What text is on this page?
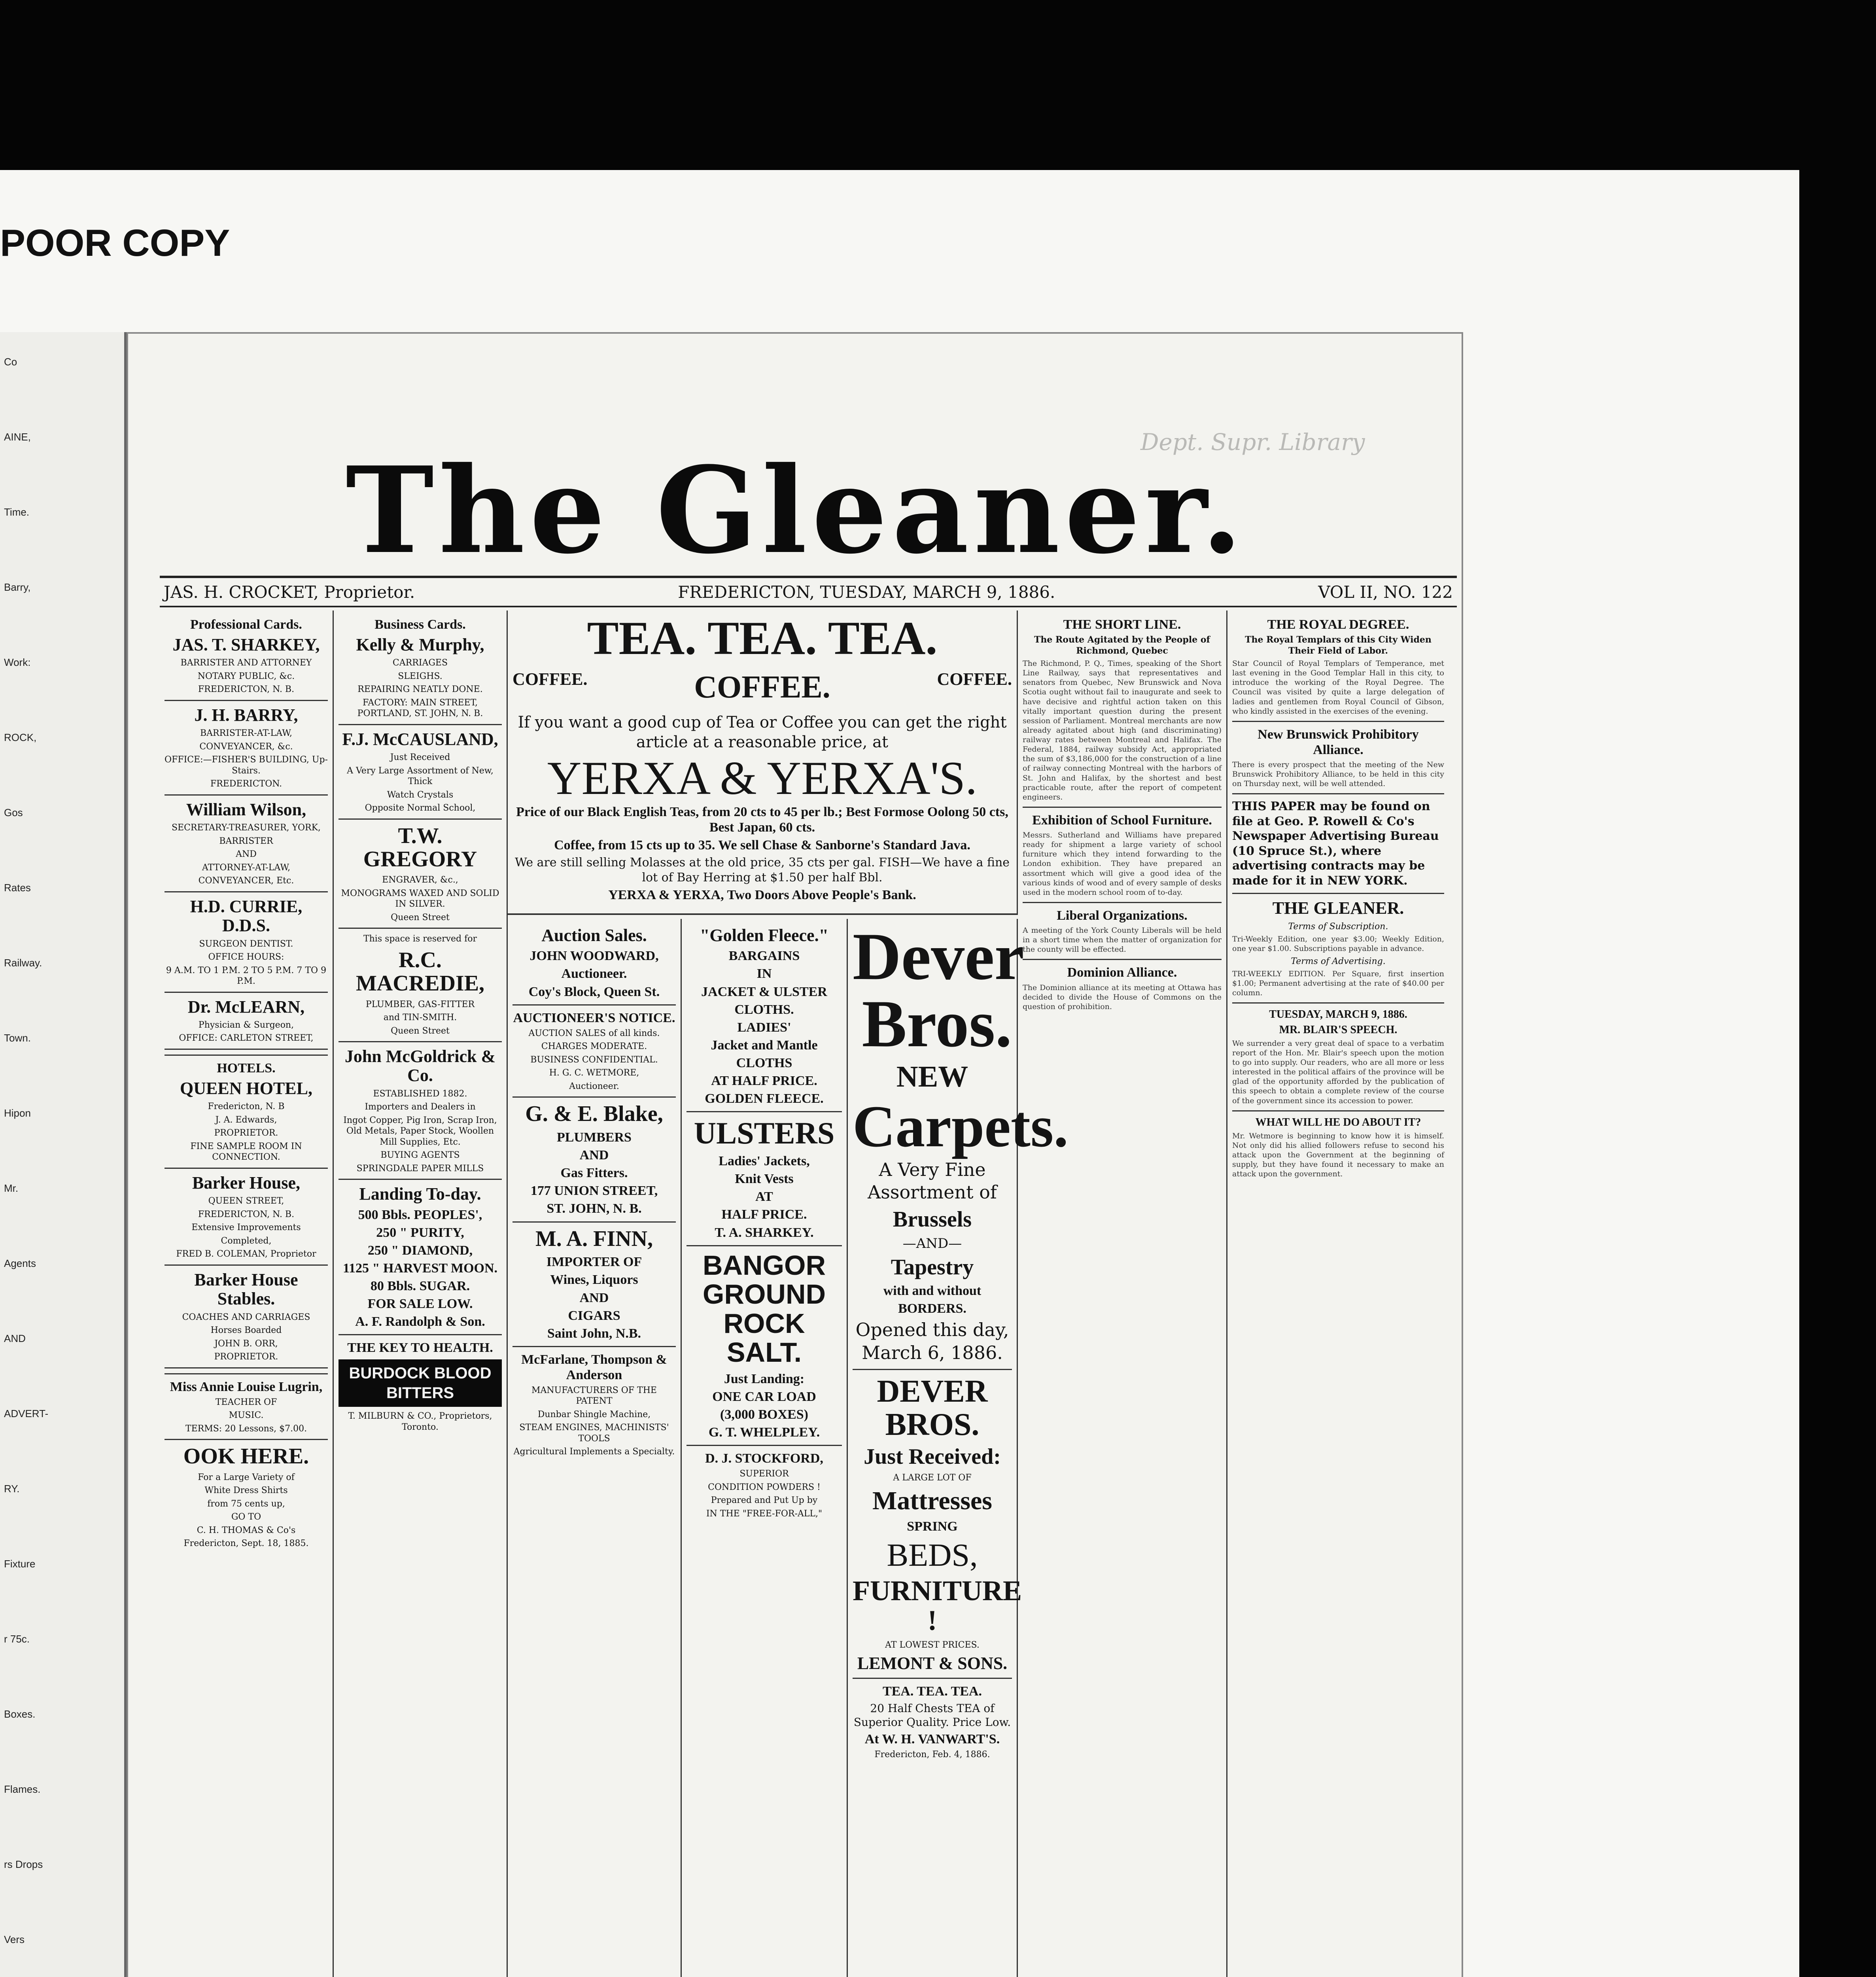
POOR COPY
Co
AINE,
Time.
Barry,
Work:
ROCK,
Gos
Rates
Railway.
Town.
Hipon
Mr.
Agents
AND
ADVERT-
RY.
Fixture
r 75c.
Boxes.
Flames.
rs Drops
Vers
Dept. Supr. Library
The Gleaner.
JAS. H. CROCKET, Proprietor.	FREDERICTON, TUESDAY, MARCH 9, 1886.	VOL II, NO. 122
Professional Cards.
JAS. T. SHARKEY,

BARRISTER AND ATTORNEY

NOTARY PUBLIC, &c.

FREDERICTON, N. B.

J. H. BARRY,

BARRISTER-AT-LAW,

CONVEYANCER, &c.

OFFICE:—FISHER'S BUILDING, Up-Stairs.

FREDERICTON.

William Wilson,

SECRETARY-TREASURER, YORK,

BARRISTER

AND

ATTORNEY-AT-LAW,

CONVEYANCER, Etc.

H.D. CURRIE, D.D.S.

SURGEON DENTIST.

OFFICE HOURS:

9 A.M. TO 1 P.M. 2 TO 5 P.M. 7 TO 9 P.M.

Dr. McLEARN,

Physician & Surgeon,

OFFICE: CARLETON STREET,

HOTELS.
QUEEN HOTEL,

Fredericton, N. B

J. A. Edwards,

PROPRIETOR.

FINE SAMPLE ROOM IN CONNECTION.

Barker House,

QUEEN STREET,

FREDERICTON, N. B.

Extensive Improvements

Completed,

FRED B. COLEMAN, Proprietor

Barker House Stables.

COACHES AND CARRIAGES

Horses Boarded

JOHN B. ORR,

PROPRIETOR.

Miss Annie Louise Lugrin,

TEACHER OF

MUSIC.

TERMS: 20 Lessons, $7.00.

OOK HERE.

For a Large Variety of

White Dress Shirts

from 75 cents up,

GO TO

C. H. THOMAS & Co's

Fredericton, Sept. 18, 1885.

Business Cards.
Kelly & Murphy,

CARRIAGES

SLEIGHS.

REPAIRING NEATLY DONE.

FACTORY: MAIN STREET, PORTLAND, ST. JOHN, N. B.

F.J. McCAUSLAND,

Just Received

A Very Large Assortment of New, Thick

Watch Crystals

Opposite Normal School,

T.W. GREGORY

ENGRAVER, &c.,

MONOGRAMS WAXED AND SOLID IN SILVER.

Queen Street

This space is reserved for

R.C. MACREDIE,

PLUMBER, GAS-FITTER

and TIN-SMITH.

Queen Street

John McGoldrick & Co.

ESTABLISHED 1882.

Importers and Dealers in

Ingot Copper, Pig Iron, Scrap Iron, Old Metals, Paper Stock, Woollen Mill Supplies, Etc.

BUYING AGENTS

SPRINGDALE PAPER MILLS

Landing To-day.

500 Bbls. PEOPLES',

250 " PURITY,

250 " DIAMOND,

1125 " HARVEST MOON.

80 Bbls. SUGAR.

FOR SALE LOW.

A. F. Randolph & Son.

THE KEY TO HEALTH.
BURDOCK BLOOD BITTERS

T. MILBURN & CO., Proprietors, Toronto.

TEA. TEA. TEA.
COFFEE.	COFFEE.	COFFEE.

If you want a good cup of Tea or Coffee you can get the right article at a reasonable price, at

YERXA & YERXA'S.

Price of our Black English Teas, from 20 cts to 45 per lb.; Best Formose Oolong 50 cts, Best Japan, 60 cts.

Coffee, from 15 cts up to 35. We sell Chase & Sanborne's Standard Java.

We are still selling Molasses at the old price, 35 cts per gal. FISH—We have a fine lot of Bay Herring at $1.50 per half Bbl.

YERXA & YERXA, Two Doors Above People's Bank.

Auction Sales.

JOHN WOODWARD,

Auctioneer.

Coy's Block, Queen St.

AUCTIONEER'S NOTICE.

AUCTION SALES of all kinds.

CHARGES MODERATE.

BUSINESS CONFIDENTIAL.

H. G. C. WETMORE,

Auctioneer.

G. & E. Blake,

PLUMBERS

AND

Gas Fitters.

177 UNION STREET,

ST. JOHN, N. B.

M. A. FINN,

IMPORTER OF

Wines, Liquors

AND

CIGARS

Saint John, N.B.

McFarlane, Thompson & Anderson

MANUFACTURERS OF THE PATENT

Dunbar Shingle Machine,

STEAM ENGINES, MACHINISTS' TOOLS

Agricultural Implements a Specialty.

"Golden Fleece."

BARGAINS

IN

JACKET & ULSTER

CLOTHS.

LADIES'

Jacket and Mantle

CLOTHS

AT HALF PRICE.

GOLDEN FLEECE.

ULSTERS

Ladies' Jackets,

Knit Vests

AT

HALF PRICE.

T. A. SHARKEY.

BANGOR GROUND ROCK SALT.

Just Landing:

ONE CAR LOAD

(3,000 BOXES)

G. T. WHELPLEY.

D. J. STOCKFORD,

SUPERIOR

CONDITION POWDERS !

Prepared and Put Up by

IN THE "FREE-FOR-ALL,"

Dever
Bros.
NEW
Carpets.

A Very Fine Assortment of

Brussels

—AND—

Tapestry

with and without

BORDERS.

Opened this day, March 6, 1886.

DEVER BROS.
Just Received:

A LARGE LOT OF

Mattresses

SPRING

BEDS,
FURNITURE !

AT LOWEST PRICES.

LEMONT & SONS.

TEA. TEA. TEA.

20 Half Chests TEA of Superior Quality. Price Low.

At W. H. VANWART'S.

Fredericton, Feb. 4, 1886.

THE SHORT LINE.

The Route Agitated by the People of Richmond, Quebec

The Richmond, P. Q., Times, speaking of the Short Line Railway, says that representatives and senators from Quebec, New Brunswick and Nova Scotia ought without fail to inaugurate and seek to have decisive and rightful action taken on this vitally important question during the present session of Parliament. Montreal merchants are now already agitated about high (and discriminating) railway rates between Montreal and Halifax. The Federal, 1884, railway subsidy Act, appropriated the sum of $3,186,000 for the construction of a line of railway connecting Montreal with the harbors of St. John and Halifax, by the shortest and best practicable route, after the report of competent engineers.

Exhibition of School Furniture.

Messrs. Sutherland and Williams have prepared ready for shipment a large variety of school furniture which they intend forwarding to the London exhibition. They have prepared an assortment which will give a good idea of the various kinds of wood and of every sample of desks used in the modern school room of to-day.

Liberal Organizations.

A meeting of the York County Liberals will be held in a short time when the matter of organization for the county will be effected.

Dominion Alliance.

The Dominion alliance at its meeting at Ottawa has decided to divide the House of Commons on the question of prohibition.

THE ROYAL DEGREE.

The Royal Templars of this City Widen Their Field of Labor.

Star Council of Royal Templars of Temperance, met last evening in the Good Templar Hall in this city, to introduce the working of the Royal Degree. The Council was visited by quite a large delegation of ladies and gentlemen from Royal Council of Gibson, who kindly assisted in the exercises of the evening.

New Brunswick Prohibitory Alliance.

There is every prospect that the meeting of the New Brunswick Prohibitory Alliance, to be held in this city on Thursday next, will be well attended.

THIS PAPER may be found on file at Geo. P. Rowell & Co's Newspaper Advertising Bureau (10 Spruce St.), where advertising contracts may be made for it in NEW YORK.

THE GLEANER.

Terms of Subscription.

Tri-Weekly Edition, one year $3.00; Weekly Edition, one year $1.00. Subscriptions payable in advance.

Terms of Advertising.

TRI-WEEKLY EDITION. Per Square, first insertion $1.00; Permanent advertising at the rate of $40.00 per column.

TUESDAY, MARCH 9, 1886.

MR. BLAIR'S SPEECH.

We surrender a very great deal of space to a verbatim report of the Hon. Mr. Blair's speech upon the motion to go into supply. Our readers, who are all more or less interested in the political affairs of the province will be glad of the opportunity afforded by the publication of this speech to obtain a complete review of the course of the government since its accession to power.

WHAT WILL HE DO ABOUT IT?

Mr. Wetmore is beginning to know how it is himself. Not only did his allied followers refuse to second his attack upon the Government at the beginning of supply, but they have found it necessary to make an attack upon the government.
